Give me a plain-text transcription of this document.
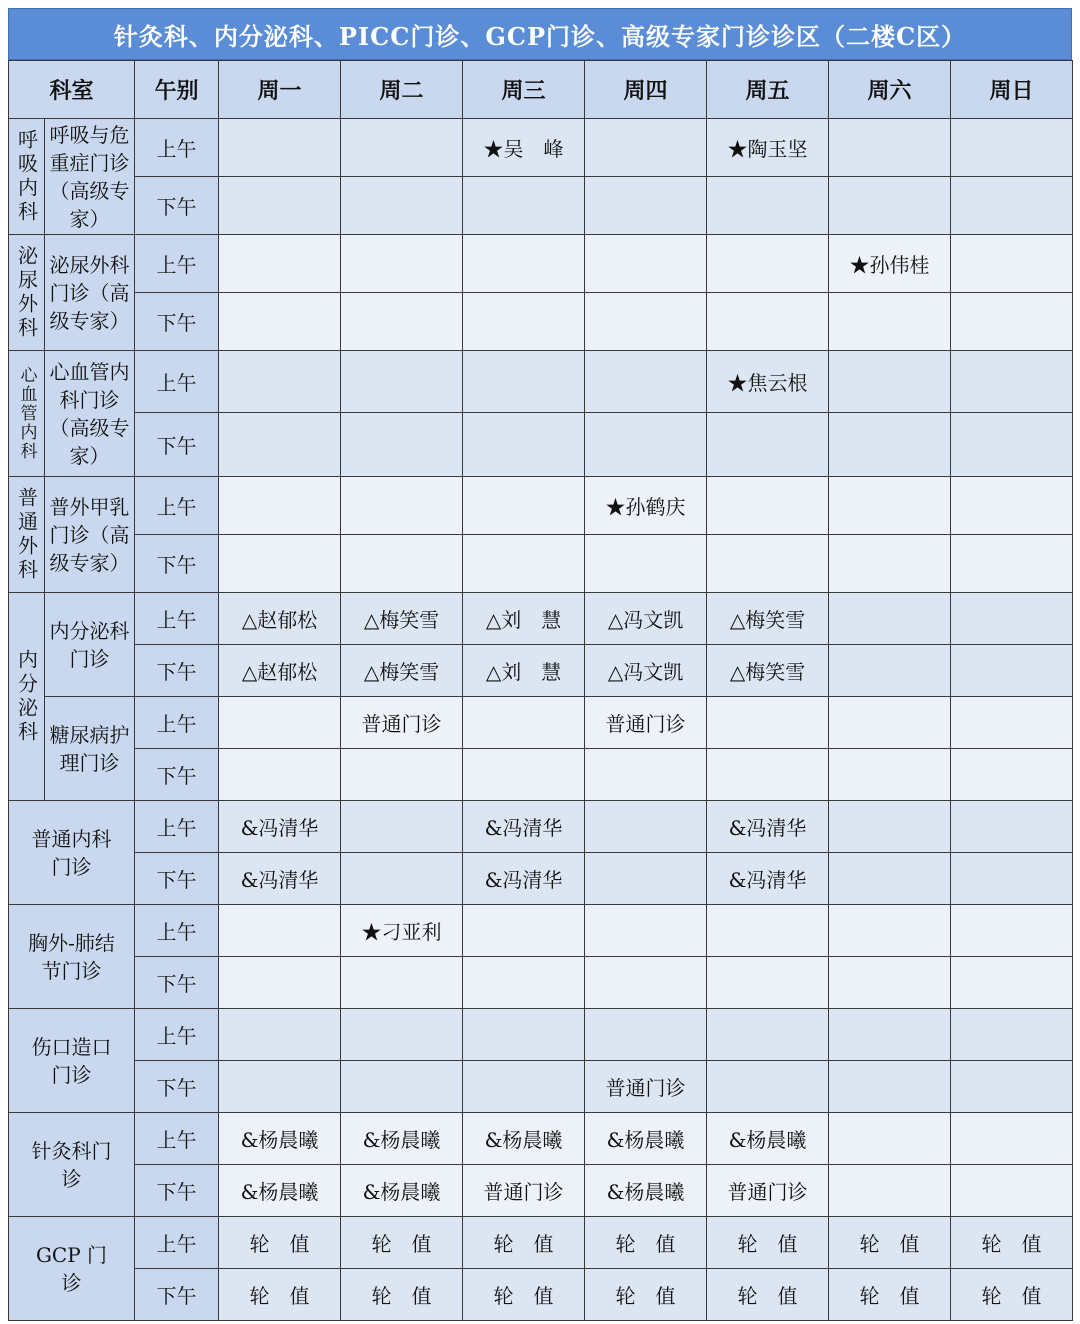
针灸科、内分泌科、PICC门诊、GCP门诊、高级专家门诊诊区（二楼C区）
科室		午别	周一	周二	周三	周四	周五	周六	周日
呼吸内科	呼吸与危重症门诊（高级专家）	上午			★吴　峰		★陶玉坚		
		下午							
泌尿外科	泌尿外科门诊（高级专家）	上午						★孙伟桂	
		下午							
心血管内科	心血管内科门诊（高级专家）	上午					★焦云根		
		下午							
普通外科	普外甲乳门诊（高级专家）	上午				★孙鹤庆			
		下午							
内分泌科	内分泌科门诊	上午	△赵郁松	△梅笑雪	△刘　慧	△冯文凯	△梅笑雪		
		下午	△赵郁松	△梅笑雪	△刘　慧	△冯文凯	△梅笑雪		
	糖尿病护理门诊	上午		普通门诊		普通门诊			
		下午							
普通内科门诊		上午	&冯清华		&冯清华		&冯清华		
		下午	&冯清华		&冯清华		&冯清华		
胸外-肺结节门诊		上午		★刁亚利					
		下午							
伤口造口门诊		上午							
		下午				普通门诊			
针灸科门诊		上午	&杨晨曦	&杨晨曦	&杨晨曦	&杨晨曦	&杨晨曦		
		下午	&杨晨曦	&杨晨曦	普通门诊	&杨晨曦	普通门诊		
GCP 门诊		上午	轮　值	轮　值	轮　值	轮　值	轮　值	轮　值	轮　值
		下午	轮　值	轮　值	轮　值	轮　值	轮　值	轮　值	轮　值
